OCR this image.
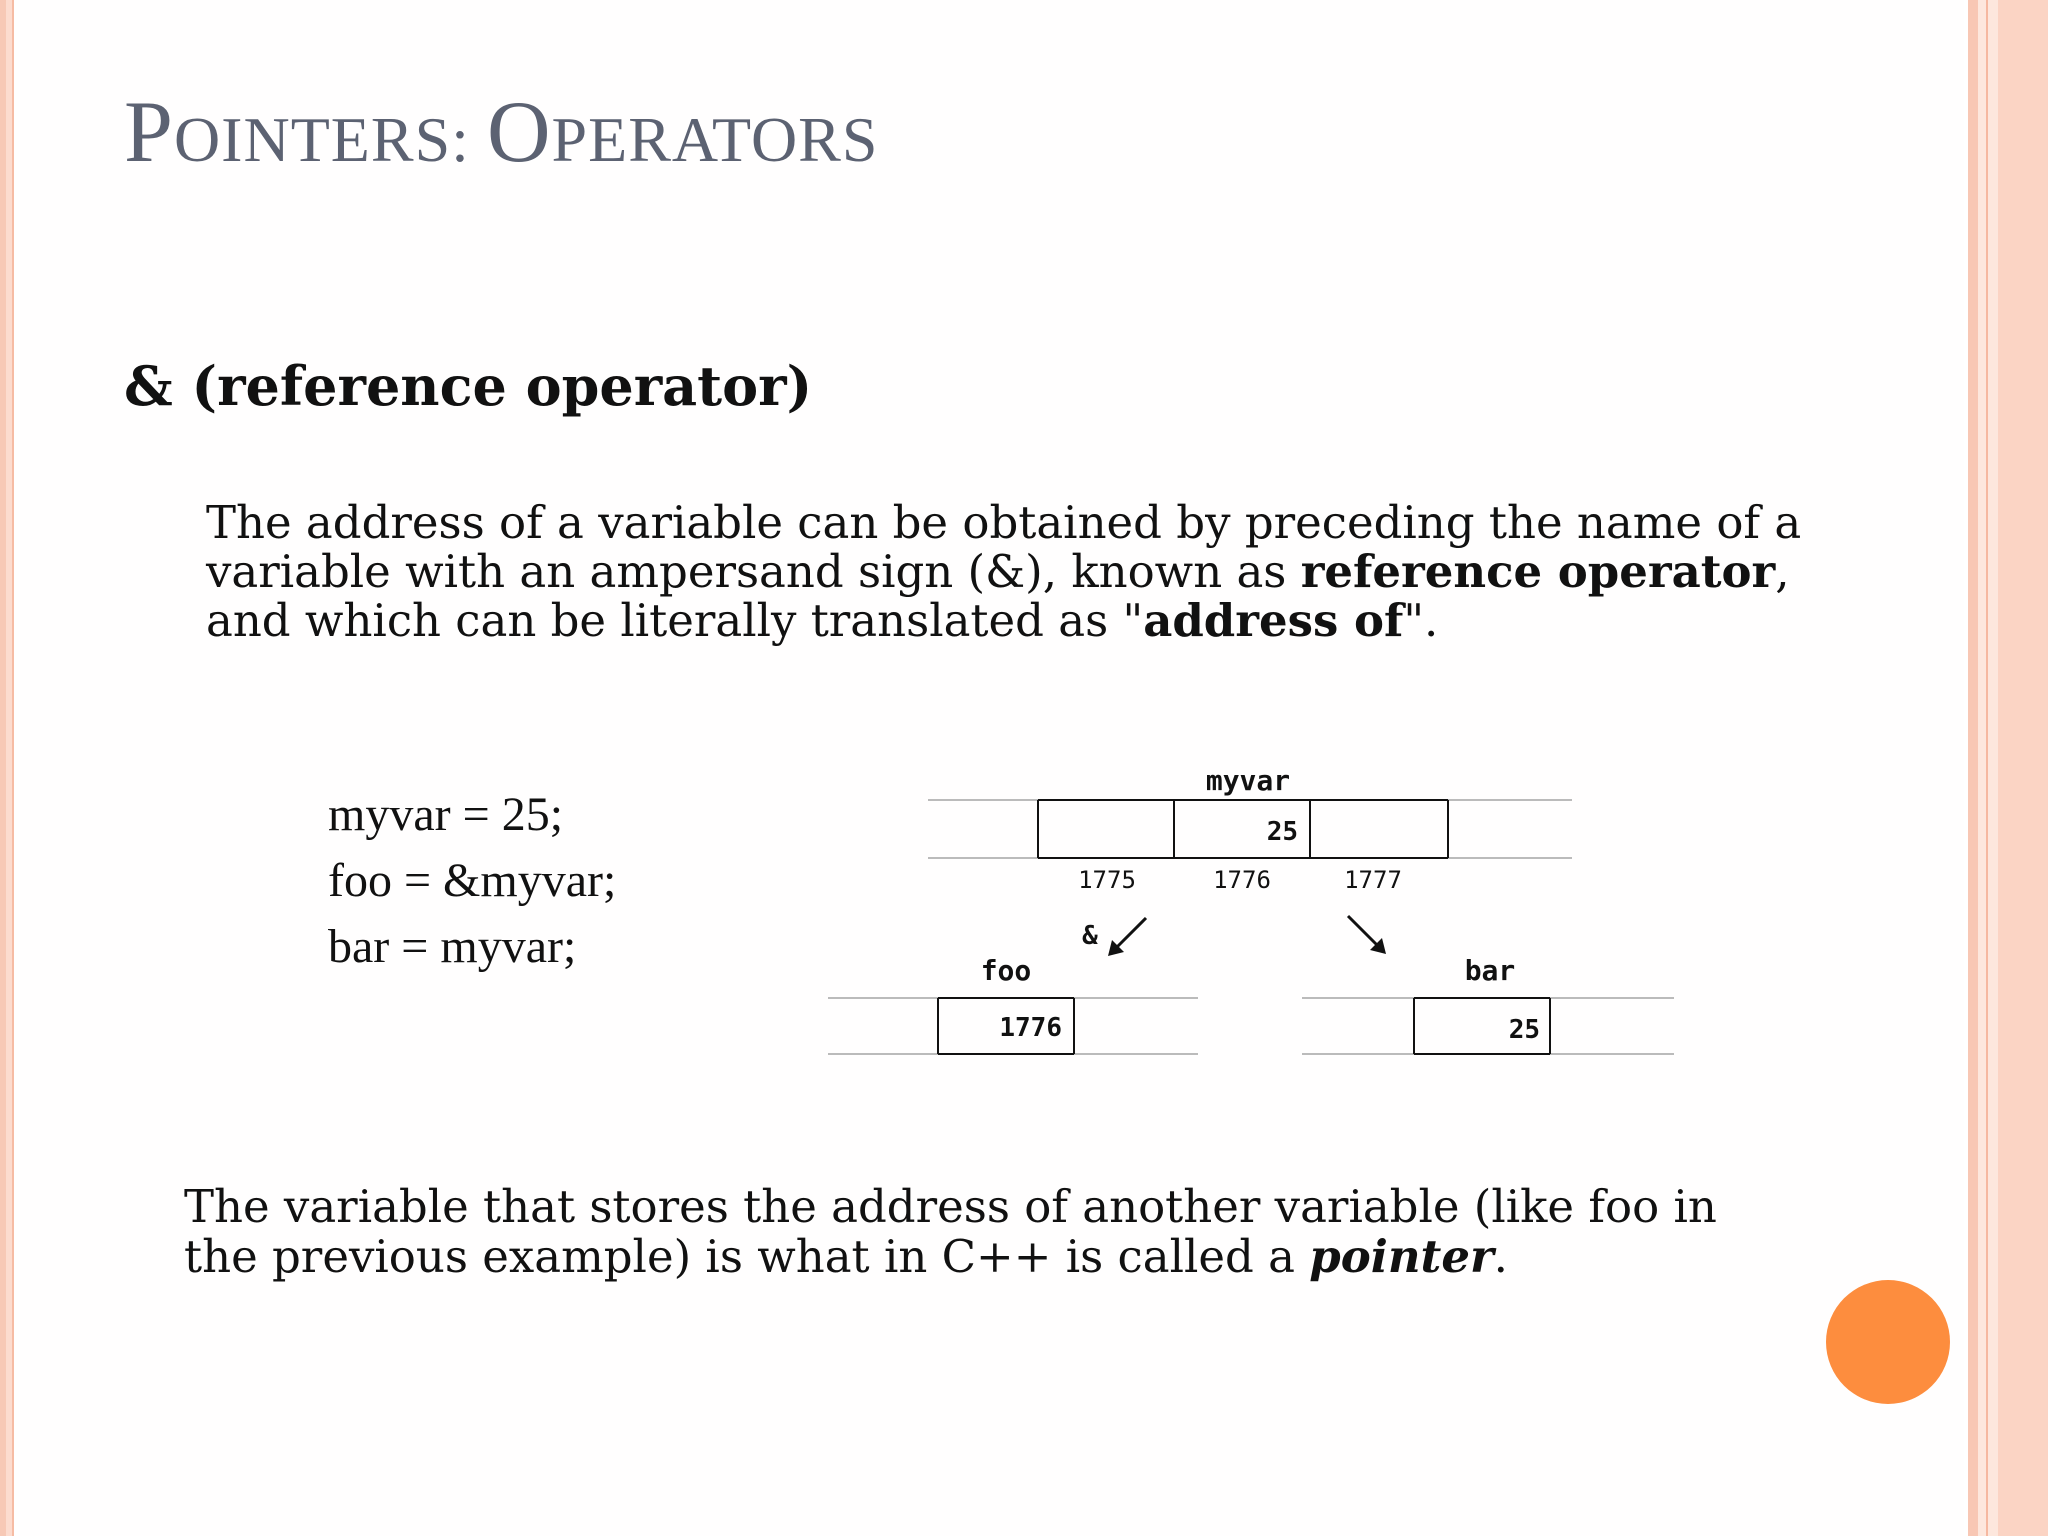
POINTERS: OPERATORS
& (reference operator)

The address of a variable can be obtained by preceding the name of a variable with an ampersand sign (&), known as reference operator, and which can be literally translated as "address of".

myvar = 25;
foo = &myvar;
bar = myvar;
myvar
25
1775	1776	1777
&
foo
1776
bar
25

The variable that stores the address of another variable (like foo in the previous example) is what in C++ is called a pointer.
